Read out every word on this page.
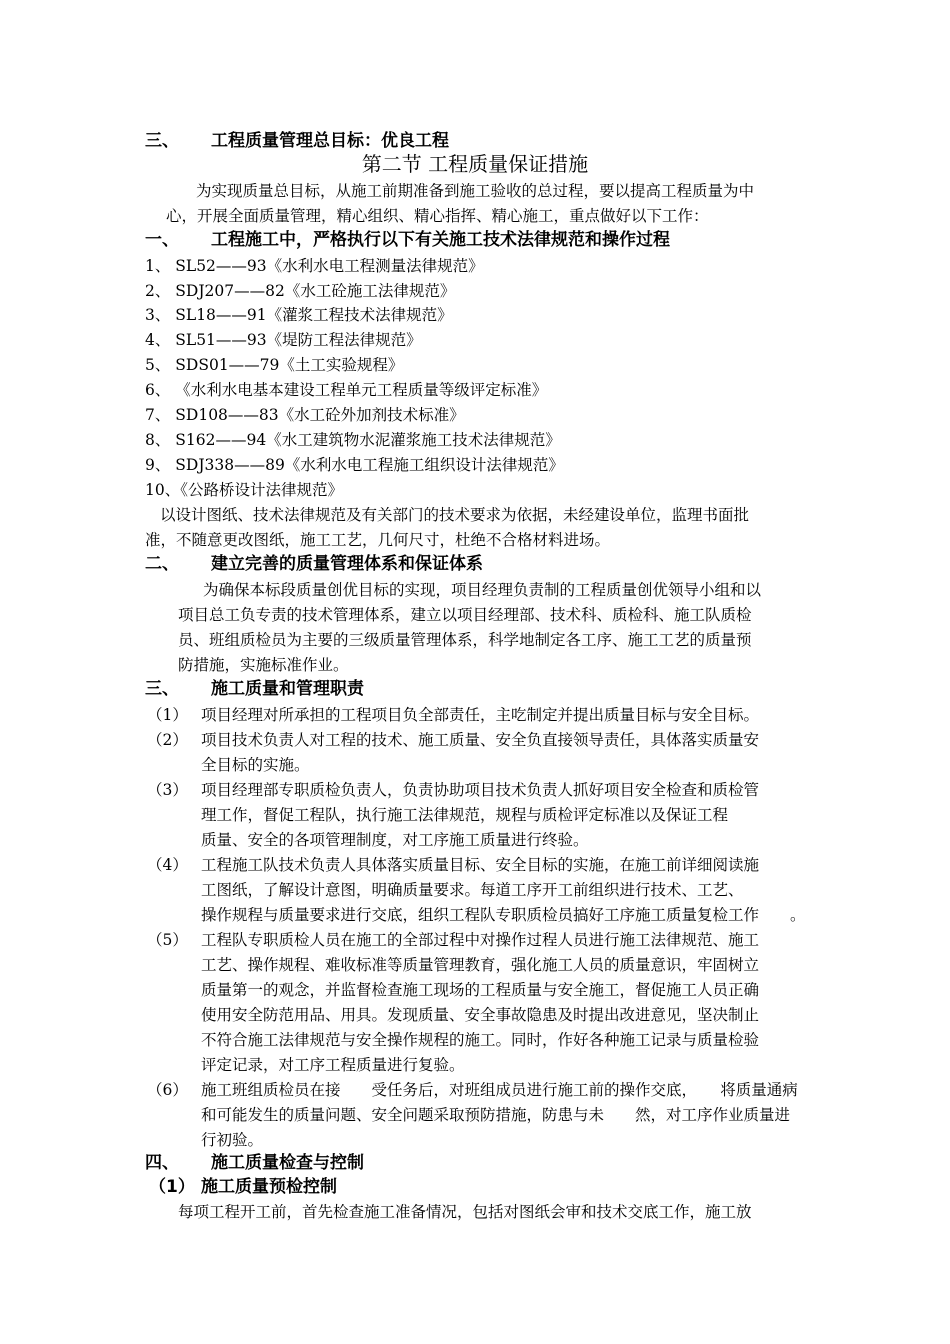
三、 工程质量管理总目标：优良工程
第二节 工程质量保证措施
为实现质量总目标，从施工前期准备到施工验收的总过程，要以提高工程质量为中
心，开展全面质量管理，精心组织、精心指挥、精心施工，重点做好以下工作：
一、 工程施工中，严格执行以下有关施工技术法律规范和操作过程
1、 SL52——93《水利水电工程测量法律规范》
2、 SDJ207——82《水工砼施工法律规范》
3、 SL18——91《灌浆工程技术法律规范》
4、 SL51——93《堤防工程法律规范》
5、 SDS01——79《土工实验规程》
6、 《水利水电基本建设工程单元工程质量等级评定标准》
7、 SD108——83《水工砼外加剂技术标准》
8、 S162——94《水工建筑物水泥灌浆施工技术法律规范》
9、 SDJ338——89《水利水电工程施工组织设计法律规范》
10、《公路桥设计法律规范》
以设计图纸、技术法律规范及有关部门的技术要求为依据，未经建设单位，监理书面批
准，不随意更改图纸，施工工艺，几何尺寸，杜绝不合格材料进场。
二、 建立完善的质量管理体系和保证体系
为确保本标段质量创优目标的实现，项目经理负责制的工程质量创优领导小组和以
项目总工负专责的技术管理体系，建立以项目经理部、技术科、质检科、施工队质检
员、班组质检员为主要的三级质量管理体系，科学地制定各工序、施工工艺的质量预
防措施，实施标准作业。
三、 施工质量和管理职责
（1） 项目经理对所承担的工程项目负全部责任，主吃制定并提出质量目标与安全目标。
（2） 项目技术负责人对工程的技术、施工质量、安全负直接领导责任，具体落实质量安
全目标的实施。
（3） 项目经理部专职质检负责人，负责协助项目技术负责人抓好项目安全检查和质检管
理工作，督促工程队，执行施工法律规范，规程与质检评定标准以及保证工程
质量、安全的各项管理制度，对工序施工质量进行终验。
（4） 工程施工队技术负责人具体落实质量目标、安全目标的实施，在施工前详细阅读施
工图纸，了解设计意图，明确质量要求。每道工序开工前组织进行技术、工艺、
操作规程与质量要求进行交底，组织工程队专职质检员搞好工序施工质量复检工作　　。
（5） 工程队专职质检人员在施工的全部过程中对操作过程人员进行施工法律规范、施工
工艺、操作规程、难收标准等质量管理教育，强化施工人员的质量意识，牢固树立
质量第一的观念，并监督检查施工现场的工程质量与安全施工，督促施工人员正确
使用安全防范用品、用具。发现质量、安全事故隐患及时提出改进意见，坚决制止
不符合施工法律规范与安全操作规程的施工。同时，作好各种施工记录与质量检验
评定记录，对工序工程质量进行复验。
（6） 施工班组质检员在接　　受任务后，对班组成员进行施工前的操作交底，　　将质量通病
和可能发生的质量问题、安全问题采取预防措施，防患与未　　然，对工序作业质量进
行初验。
四、 施工质量检查与控制
（1） 施工质量预检控制
每项工程开工前，首先检查施工准备情况，包括对图纸会审和技术交底工作，施工放
